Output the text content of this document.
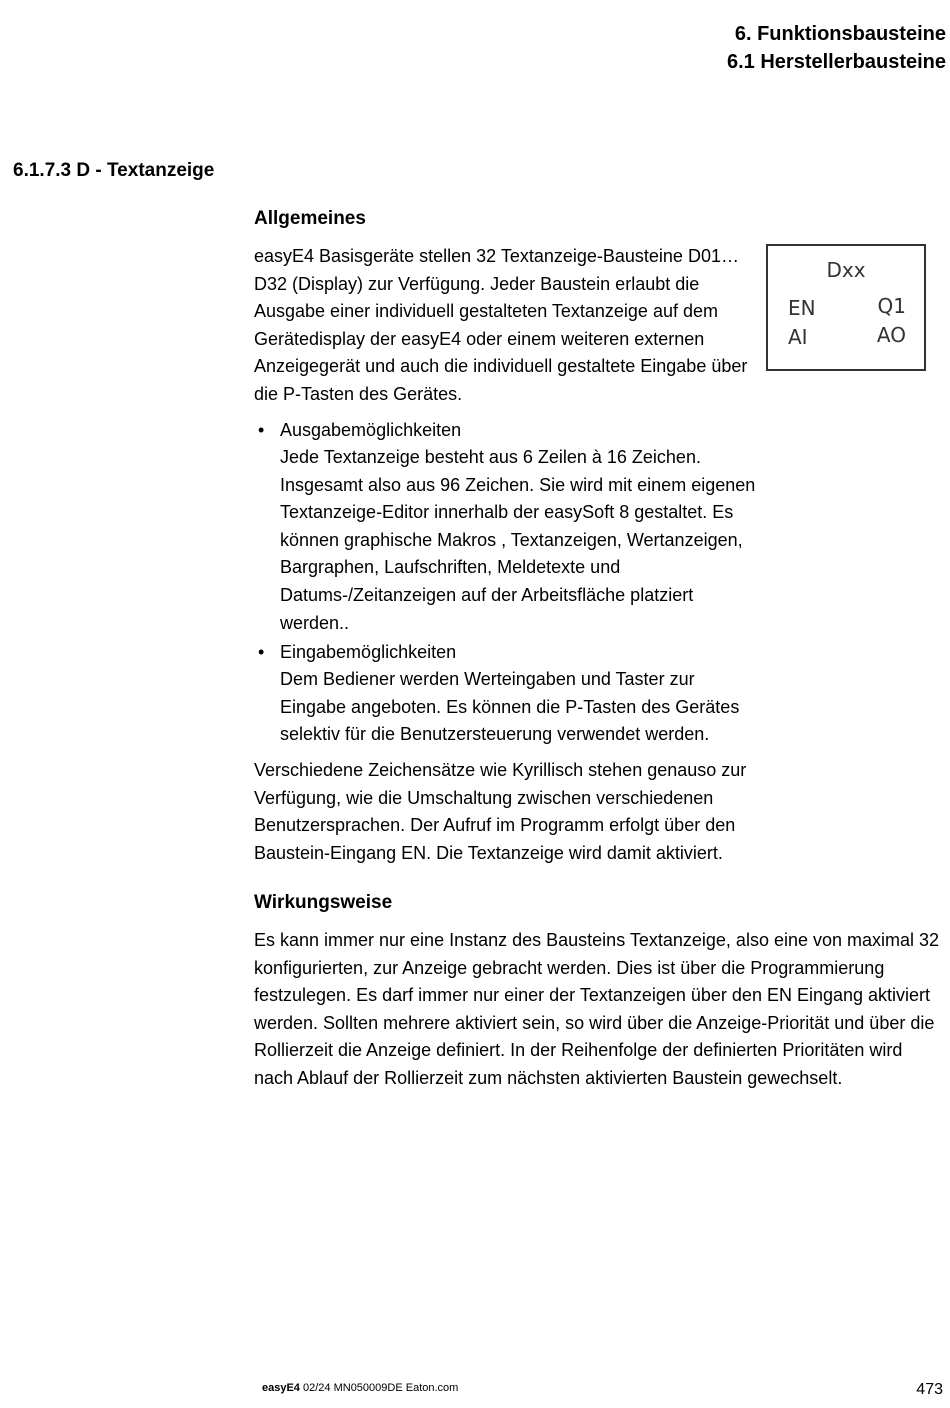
6. Funktionsbausteine
6.1 Herstellerbausteine
6.1.7.3 D - Textanzeige
Allgemeines
easyE4 Basisgeräte stellen 32 Textanzeige-Bausteine D01…D32 (Display) zur Verfügung. Jeder Baustein erlaubt die Ausgabe einer individuell gestalteten Textanzeige auf dem Gerätedisplay der easyE4 oder einem weiteren externen Anzeigegerät und auch die individuell gestaltete Eingabe über die P-Tasten des Gerätes.
Dxx
EN
AI
Q1
AO
• Ausgabemöglichkeiten
Jede Textanzeige besteht aus 6 Zeilen à 16 Zeichen. Insgesamt also aus 96 Zeichen. Sie wird mit einem eigenen Textanzeige-Editor innerhalb der easySoft 8 gestaltet. Es können graphische Makros , Textanzeigen, Wertanzeigen, Bargraphen, Laufschriften, Meldetexte und Datums-/Zeitanzeigen auf der Arbeitsfläche platziert werden..
• Eingabemöglichkeiten
Dem Bediener werden Werteingaben und Taster zur Eingabe angeboten. Es können die P-Tasten des Gerätes selektiv für die Benutzersteuerung verwendet werden.
Verschiedene Zeichensätze wie Kyrillisch stehen genauso zur Verfügung, wie die Umschaltung zwischen verschiedenen Benutzersprachen. Der Aufruf im Programm erfolgt über den Baustein-Eingang EN. Die Textanzeige wird damit aktiviert.
Wirkungsweise
Es kann immer nur eine Instanz des Bausteins Textanzeige, also eine von maximal 32 konfigurierten, zur Anzeige gebracht werden. Dies ist über die Programmierung festzulegen. Es darf immer nur einer der Textanzeigen über den EN Eingang aktiviert werden. Sollten mehrere aktiviert sein, so wird über die Anzeige-Priorität und über die Rollierzeit die Anzeige definiert. In der Reihenfolge der definierten Prioritäten wird nach Ablauf der Rollierzeit zum nächsten aktivierten Baustein gewechselt.
easyE4 02/24 MN050009DE Eaton.com	473
